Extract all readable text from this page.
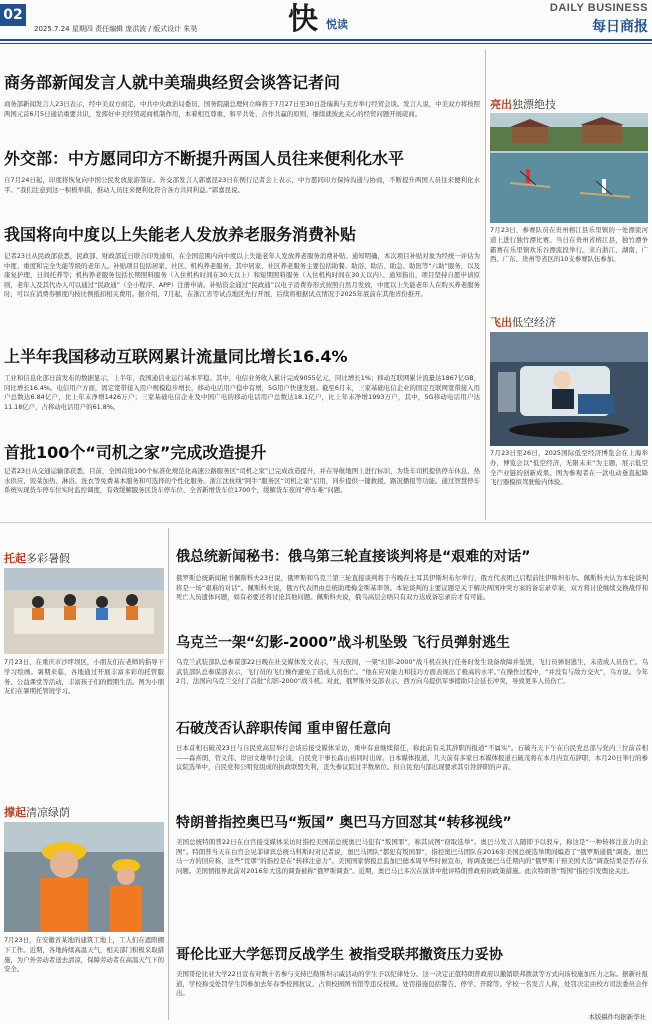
02
2025.7.24 星期四 责任编辑 庞洪波 / 版式设计 朱昊	快 悦读
DAILY BUSINESS
每日商报
商务部新闻发言人就中美瑞典经贸会谈答记者问
商务部新闻发言人23日表示，经中美双方商定，中共中央政治局委员、国务院副总理何立峰将于7月27日至30日赴瑞典与美方举行经贸会谈。发言人说，中美双方将按照两国元首6月5日通话重要共识，发挥好中美经贸磋商机制作用，本着相互尊重、和平共处、合作共赢的原则，继续就彼此关心的经贸问题开展磋商。
外交部：中方愿同印方不断提升两国人员往来便利化水平
自7月24日起，印度将恢复向中国公民发放旅游签证。外交部发言人郭嘉昆23日在例行记者会上表示，中方愿同印方保持沟通与协商，不断提升两国人员往来便利化水平。“我们注意到这一积极举措，推动人员往来便利化符合各方共同利益。”郭嘉昆说。
我国将向中度以上失能老人发放养老服务消费补贴
记者23日从民政部获悉，民政部、财政部近日联合印发通知，在全国范围内向中度以上失能老年人发放养老服务消费补贴。通知明确，本次项目补贴对象为经统一评估为中度、重度和完全失能等级的老年人。补贴项目包括居家、社区、机构养老服务，其中居家、社区养老服务主要包括助餐、助浴、助洁、助急、助医等“六助”服务，以及康复护理、日间托养等；机构养老服务包括长期照料服务（入住机构时间在30天以上）和短期照料服务（入住机构时间在30天以内）。通知指出，项目坚持自愿申请原则，老年人及其代办人可以通过“民政通”（全小程序、APP）注册申请。补贴资金通过“民政通”以电子消费券形式按照自然月发放，中度以上失能老年人在购买养老服务时，可以在消费券额度内按比例抵扣相关费用。据介绍，7月起，在浙江省等试点地区先行开展，后续将根据试点情况于2025年底前在其他省份推开。
上半年我国移动互联网累计流量同比增长16.4%
工业和信息化部日前发布的数据显示，上半年，我国通信业运行基本平稳。其中，电信业务收入累计完成9055亿元，同比增长1%；移动互联网累计流量达1867亿GB，同比增长16.4%。电信用户方面，固定宽带接入用户规模稳步增长，移动电话用户稳中有增，5G用户快速发展。截至6月末，三家基础电信企业的固定互联网宽带接入用户总数达6.84亿户，比上年末净增1426万户；三家基础电信企业及中国广电的移动电话用户总数达18.1亿户，比上年末净增1993万户，其中，5G移动电话用户达11.18亿户，占移动电话用户的61.8%。
首批100个“司机之家”完成改造提升
记者23日从交通运输部获悉，目前，全国首批100个标准化规范化高速公路服务区“司机之家”已完成改造提升，并在导航地图上进行标识，为货车司机提供停车休息、热水供应、饭菜加热、淋浴、洗衣等免费基本服务和可选择的个性化服务。浙江沈杭线“阿牛”服务区“司机之家”启用，同步提供一键救援、路况播报等功能。通过智慧停车系统实现货车停车位实时监控调度，有效缓解服务区货车停车位、全省新增货车位1700个，缓解货车夜间“停车难”问题。
亮出独漂绝技
7月23日，参赛队员在贵州榕江县乐里镇的一处漂流河道上进行独竹漂比赛。当日在贵州省榕江县，独竹漂争霸赛在乐里镇欢乐谷漂流段举行。来自浙江、湖南、广西、广东、贵州等省区的10支参赛队伍参加。
飞出低空经济
7月23日至26日，2025国际低空经济博览会在上海举办，博览会以“低空经济，无限未来”为主题，展示低空全产业链的创新成果。图为参观者在一款电动垂直起降飞行器模拟驾驶舱内体验。
托起多彩暑假
7月23日，在重庆市沙坪坝区，小朋友们在老师的指导下学习绘画。暑期来临，各地通过开展丰富多彩的托管服务、公益课堂等活动，丰富孩子们的假期生活。图为小朋友们在暑期托管班学习。
撑起清凉绿荫
7月23日，在安徽省某地的建筑工地上，工人们在遮阳棚下工作。近期，各地持续高温天气，相关部门积极采取措施，为户外劳动者送去清凉，保障劳动者在高温天气下的安全。
俄总统新闻秘书：俄乌第三轮直接谈判将是“艰难的对话”
俄罗斯总统新闻秘书佩斯科夫23日说，俄罗斯和乌克兰第三轮直接谈判将于当晚在土耳其伊斯坦布尔举行，俄方代表团已启程前往伊斯坦布尔。佩斯科夫认为本轮谈判将是一场“艰难的对话”。佩斯科夫说，俄方代表团由总统助理梅金斯基率领。本轮谈判的主要议题是关于解决两国冲突方案的备忘录草案，双方将讨论继续交换战俘和死亡人员遗体问题，如有必要还将讨论其他问题。佩斯科夫说，俄乌高层会晤只有双方达成备忘录后才有可能。
乌克兰一架“幻影-2000”战斗机坠毁 飞行员弹射逃生
乌克兰武装部队总参谋部22日晚在社交媒体发文表示，当天夜间，一架“幻影-2000”战斗机在执行任务时发生设备故障并坠毁，飞行员弹射逃生，未造成人员伤亡。乌武装部队总参谋部表示，飞行员的飞行操作避免了造成人员伤亡。“他在应对能力和技巧方面表现出了极高的水平。”在操作过程中，“并没有与敌方交火”，乌方说。今年2月，法国向乌克兰交付了首批“幻影-2000”战斗机。对此，俄罗斯外交部表示，西方向乌提供军事援助只会延长冲突，导致更多人员伤亡。
石破茂否认辞职传闻 重申留任意向
日本首相石破茂23日与自民党高层举行会谈后接受媒体采访，重申有意继续留任，称此前有关其辞职的报道“不属实”。石破当天下午在自民党总部与党内三位前首相——森喜朗、菅义伟、岸田文雄举行会谈，自民党干事长森山裕同时出席。日本媒体报道，几天前有多家日本媒体报道石破茂将在本月内宣布辞职，本月20日举行的参议院选举中，自民党和公明党组成的执政联盟失利，丧失参议院过半数席位。但自民党内部出现要求其引咎辞职的声音。
特朗普指控奥巴马“叛国” 奥巴马方回怼其“转移视线”
美国总统特朗普22日在白宫接受媒体采访时指控美国前总统奥巴马犯有“叛国罪”，称其试图“窃取选举”。奥巴马发言人随即予以驳斥，称这是“一种转移注意力的企图”。特朗普当天在白宫会见菲律宾总统马科斯时对记者说，奥巴马团队“都犯有叛国罪”，指控奥巴马团队在2016年美国总统选举期间编造了“俄罗斯通俄”调查。奥巴马一方的回应称，这些“荒谬”的指控是在“转移注意力”。美国国家情报总监加巴德本周早些时候宣布，将调查奥巴马任期内的“俄罗斯干预美国大选”调查结果是否存在问题。美国情报界此前对2016年大选的调查被称“俄罗斯调查”。近期，奥巴马已多次在演讲中批评特朗普政府的政策措施。此次特朗普“叛国”指控引发舆论关注。
哥伦比亚大学惩罚反战学生 被指受联邦撤资压力妥协
美国哥伦比亚大学22日宣布对数十名参与支持巴勒斯坦示威活动的学生予以纪律处分。这一决定正值特朗普政府以撤销联邦拨款等方式向该校施加压力之际。据新社报道，学校称受处罚学生因参加去年春季校园抗议、占领校园图书馆等违反校规。处罚措施包括警告、停学、开除等。学校一名发言人称，处罚决定由校方司法委员会作出。
本版稿件均据新华社
